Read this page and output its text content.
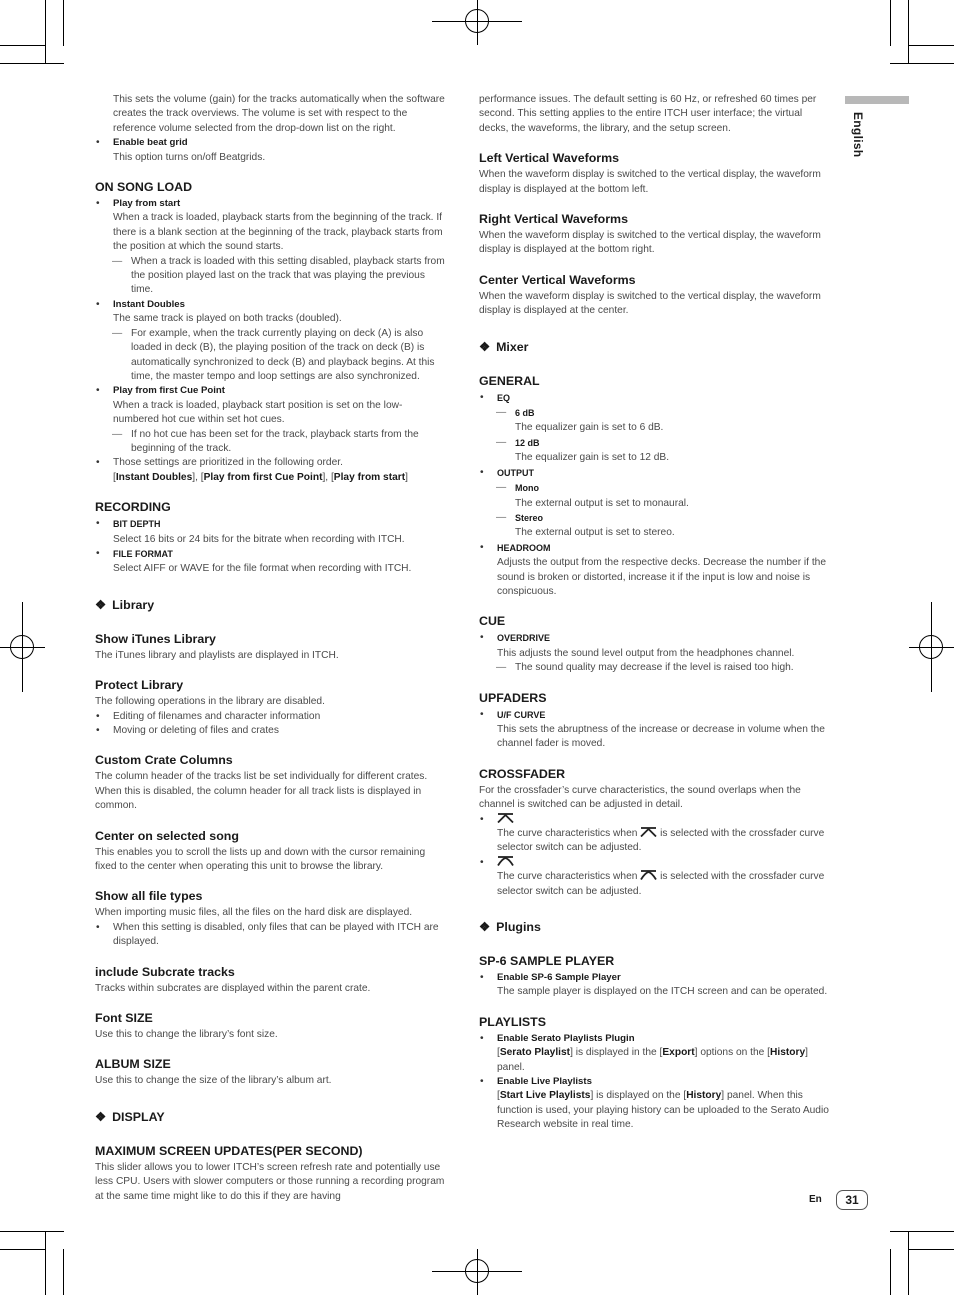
English

This sets the volume (gain) for the tracks automatically when the software creates the track overviews. The volume is set with respect to the reference volume selected from the drop-down list on the right.

• Enable beat grid

This option turns on/off Beatgrids.

ON SONG LOAD

• Play from start

When a track is loaded, playback starts from the beginning of the track. If there is a blank section at the beginning of the track, playback starts from the position at which the sound starts.

— When a track is loaded with this setting disabled, playback starts from the position played last on the track that was playing the previous time.

• Instant Doubles

The same track is played on both tracks (doubled).

— For example, when the track currently playing on deck (A) is also loaded in deck (B), the playing position of the track on deck (B) is automatically synchronized to deck (B) and playback begins. At this time, the master tempo and loop settings are also synchronized.

• Play from first Cue Point

When a track is loaded, playback start position is set on the low-numbered hot cue within set hot cues.

— If no hot cue has been set for the track, playback starts from the beginning of the track.

• Those settings are prioritized in the following order.
[Instant Doubles], [Play from first Cue Point], [Play from start]

RECORDING

• BIT DEPTH

Select 16 bits or 24 bits for the bitrate when recording with ITCH.

• FILE FORMAT

Select AIFF or WAVE for the file format when recording with ITCH.

❖ Library
Show iTunes Library

The iTunes library and playlists are displayed in ITCH.

Protect Library

The following operations in the library are disabled.

• Editing of filenames and character information

• Moving or deleting of files and crates

Custom Crate Columns

The column header of the tracks list be set individually for different crates. When this is disabled, the column header for all track lists is displayed in common.

Center on selected song

This enables you to scroll the lists up and down with the cursor remaining fixed to the center when operating this unit to browse the library.

Show all file types

When importing music files, all the files on the hard disk are displayed.

• When this setting is disabled, only files that can be played with ITCH are displayed.

include Subcrate tracks

Tracks within subcrates are displayed within the parent crate.

Font SIZE

Use this to change the library’s font size.

ALBUM SIZE

Use this to change the size of the library’s album art.

❖ DISPLAY
MAXIMUM SCREEN UPDATES(PER SECOND)

This slider allows you to lower ITCH’s screen refresh rate and potentially use less CPU. Users with slower computers or those running a recording program at the same time might like to do this if they are having

performance issues. The default setting is 60 Hz, or refreshed 60 times per second. This setting applies to the entire ITCH user interface; the virtual decks, the waveforms, the library, and the setup screen.

Left Vertical Waveforms

When the waveform display is switched to the vertical display, the waveform display is displayed at the bottom left.

Right Vertical Waveforms

When the waveform display is switched to the vertical display, the waveform display is displayed at the bottom right.

Center Vertical Waveforms

When the waveform display is switched to the vertical display, the waveform display is displayed at the center.

❖ Mixer
GENERAL

• EQ

— 6 dB

The equalizer gain is set to 6 dB.

— 12 dB

The equalizer gain is set to 12 dB.

• OUTPUT

— Mono

The external output is set to monaural.

— Stereo

The external output is set to stereo.

• HEADROOM

Adjusts the output from the respective decks. Decrease the number if the sound is broken or distorted, increase it if the input is low and noise is conspicuous.

CUE

• OVERDRIVE

This adjusts the sound level output from the headphones channel.

— The sound quality may decrease if the level is raised too high.

UPFADERS

• U/F CURVE

This sets the abruptness of the increase or decrease in volume when the channel fader is moved.

CROSSFADER

For the crossfader’s curve characteristics, the sound overlaps when the channel is switched can be adjusted in detail.

•

The curve characteristics when is selected with the crossfader curve selector switch can be adjusted.

•

The curve characteristics when is selected with the crossfader curve selector switch can be adjusted.

❖ Plugins
SP-6 SAMPLE PLAYER

• Enable SP-6 Sample Player

The sample player is displayed on the ITCH screen and can be operated.

PLAYLISTS

• Enable Serato Playlists Plugin

[Serato Playlist] is displayed in the [Export] options on the [History] panel.

• Enable Live Playlists

[Start Live Playlists] is displayed on the [History] panel. When this function is used, your playing history can be uploaded to the Serato Audio Research website in real time.

En	31
